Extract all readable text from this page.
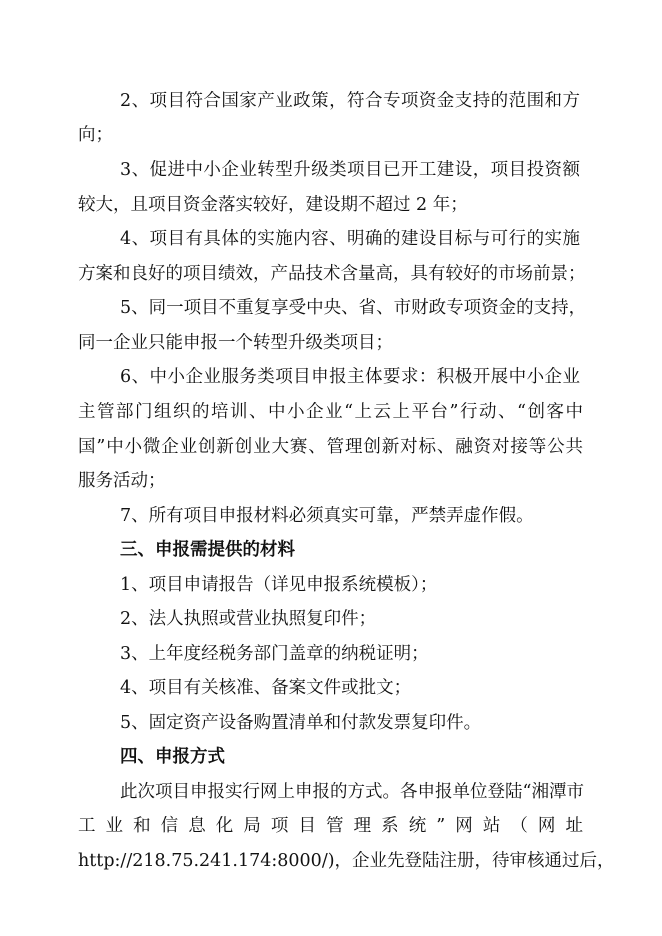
2、项目符合国家产业政策，符合专项资金支持的范围和方
向；
3、促进中小企业转型升级类项目已开工建设，项目投资额
较大，且项目资金落实较好，建设期不超过 2 年；
4、项目有具体的实施内容、明确的建设目标与可行的实施
方案和良好的项目绩效，产品技术含量高，具有较好的市场前景；
5、同一项目不重复享受中央、省、市财政专项资金的支持，
同一企业只能申报一个转型升级类项目；
6、中小企业服务类项目申报主体要求：积极开展中小企业
主管部门组织的培训、中小企业“上云上平台”行动、“创客中
国”中小微企业创新创业大赛、管理创新对标、融资对接等公共
服务活动；
7、所有项目申报材料必须真实可靠，严禁弄虚作假。
三、申报需提供的材料
1、项目申请报告（详见申报系统模板）；
2、法人执照或营业执照复印件；
3、上年度经税务部门盖章的纳税证明；
4、项目有关核准、备案文件或批文；
5、固定资产设备购置清单和付款发票复印件。
四、申报方式
此次项目申报实行网上申报的方式。各申报单位登陆“湘潭市
工业和信息化局项目管理系统”网站（网址
http://218.75.241.174:8000/)，企业先登陆注册，待审核通过后，
